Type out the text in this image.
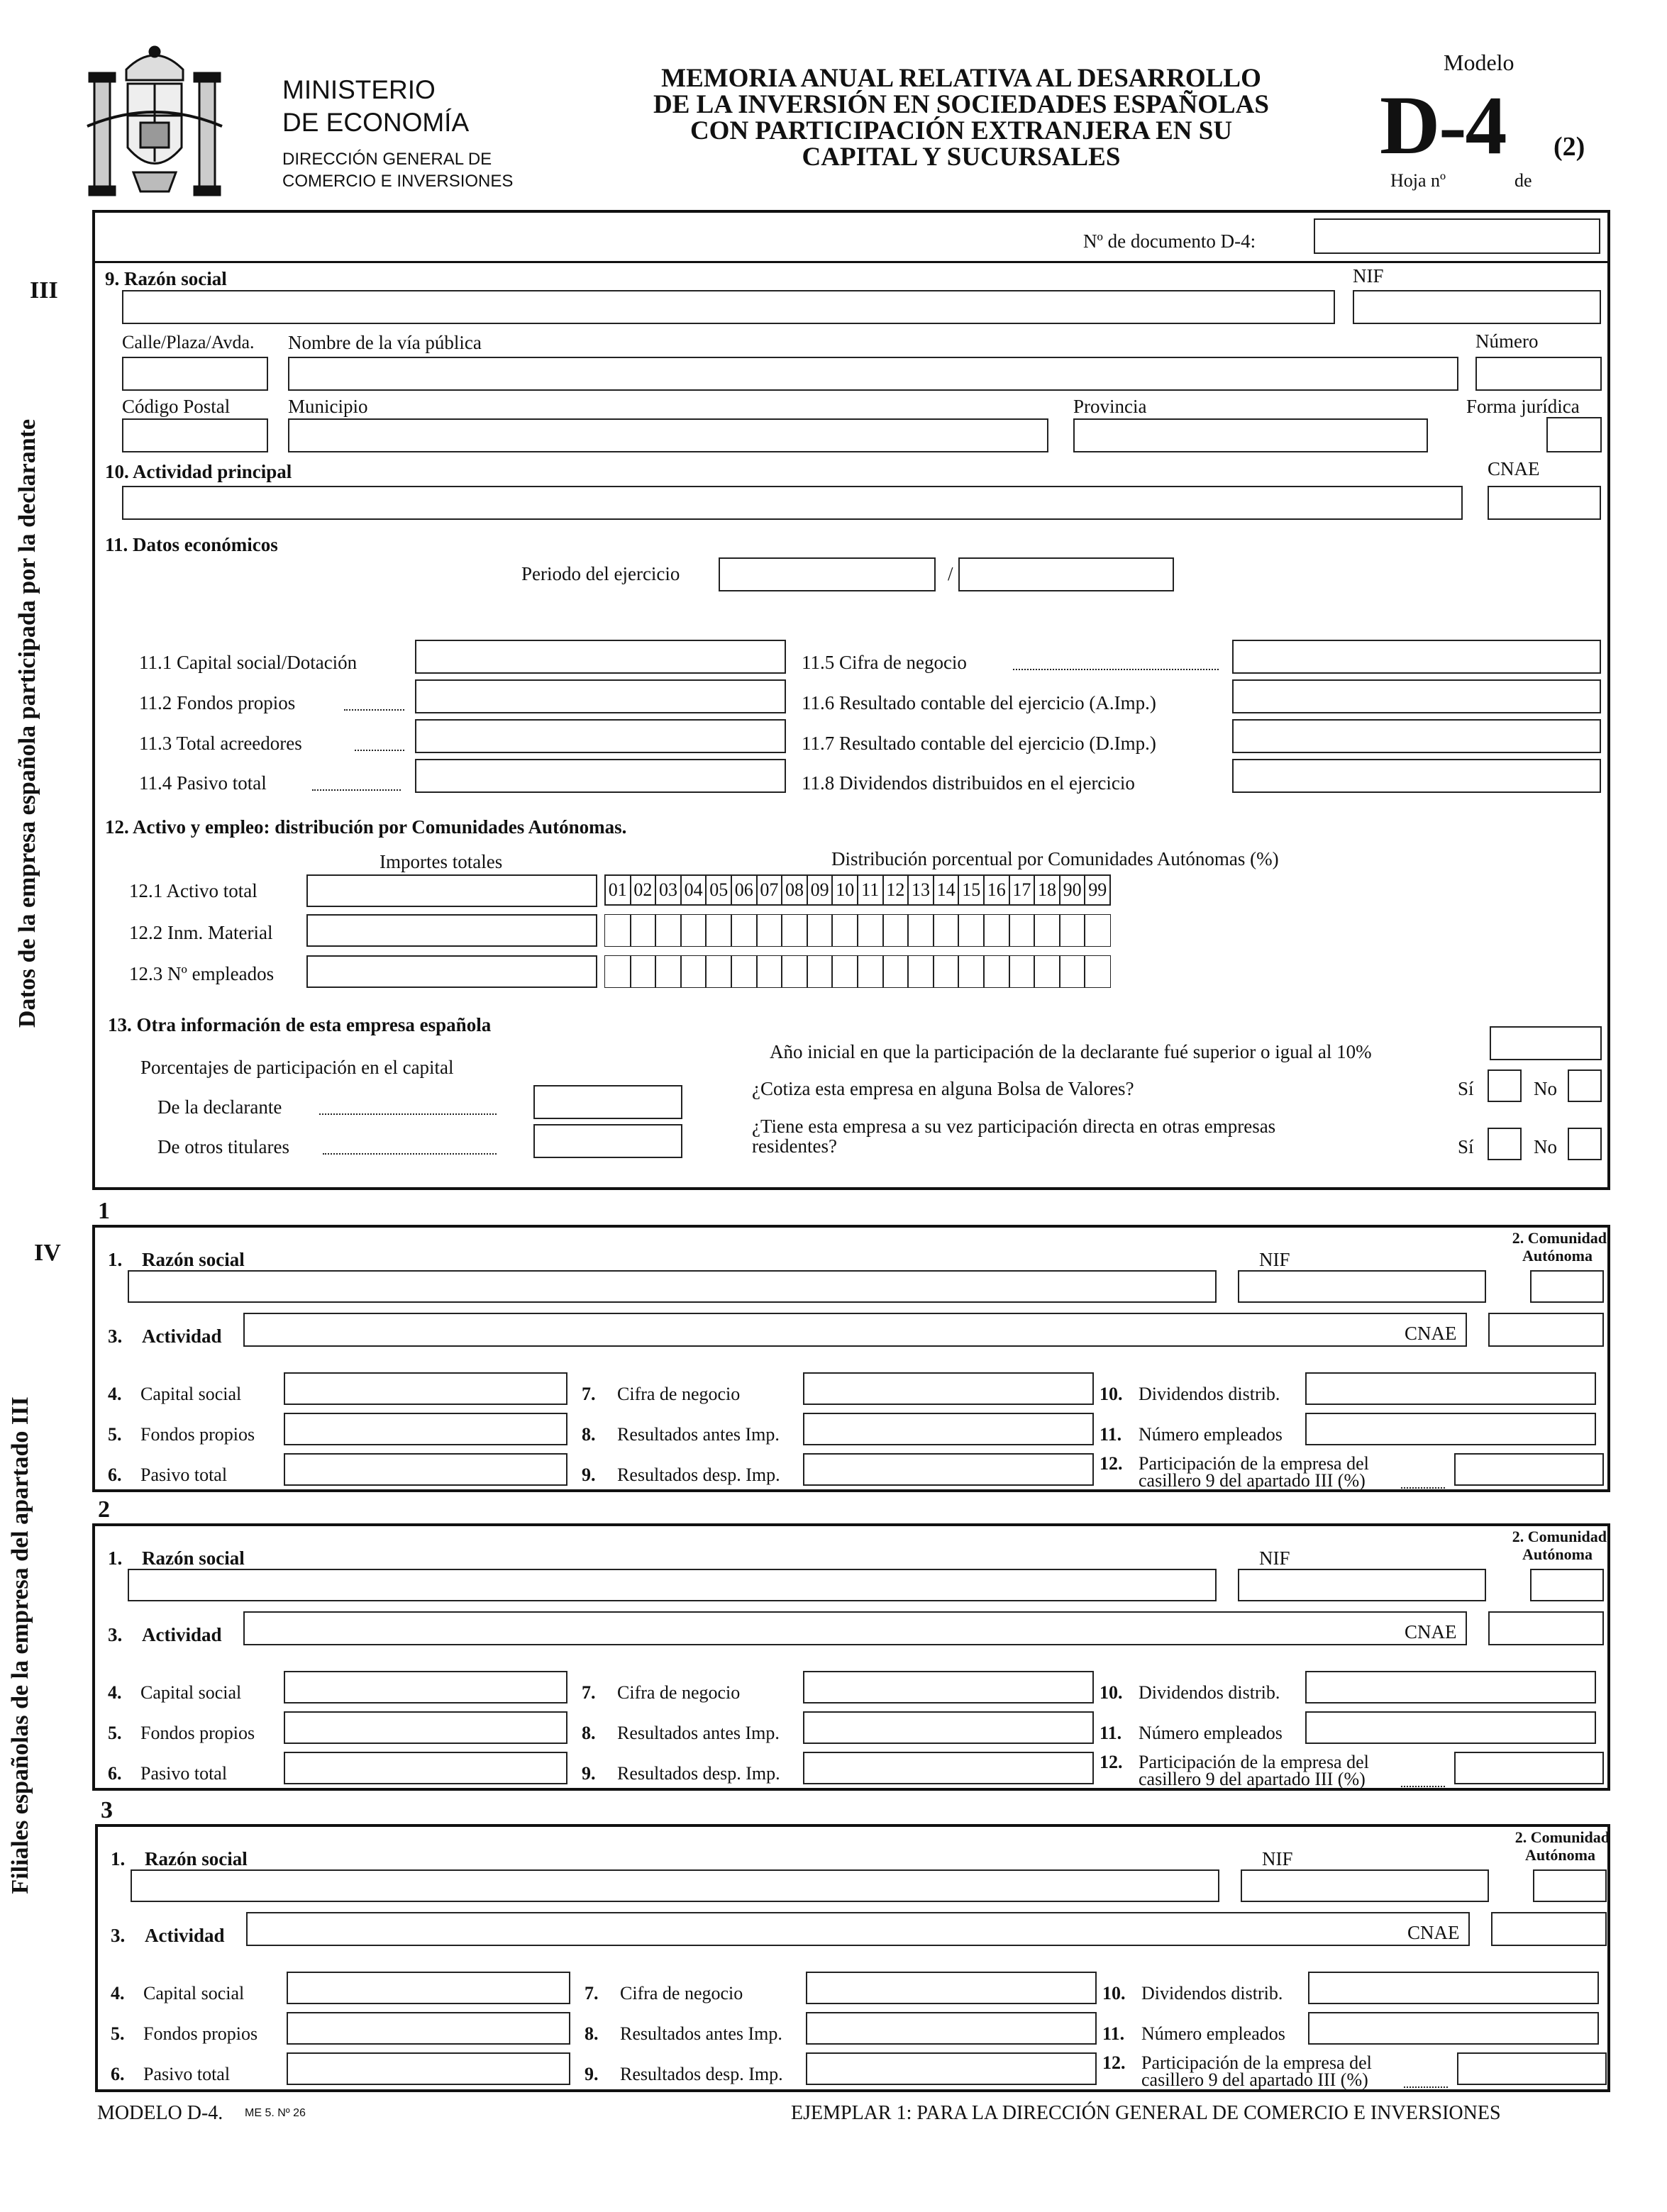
MINISTERIO
DE ECONOMÍA
DIRECCIÓN GENERAL DE
COMERCIO E INVERSIONES
MEMORIA ANUAL RELATIVA AL DESARROLLO
DE LA INVERSIÓN EN SOCIEDADES ESPAÑOLAS
CON PARTICIPACIÓN EXTRANJERA EN SU
CAPITAL Y SUCURSALES
Modelo
D-4 (2)
Hoja nº	de
III
Datos de la empresa española participada por la declarante
Nº de documento D-4:
9. Razón social	NIF
Calle/Plaza/Avda. Nombre de la vía pública	Número
Código Postal	Municipio	Provincia	Forma jurídica
10. Actividad principal	CNAE
11. Datos económicos
Periodo del ejercicio	/
11.1 Capital social/Dotación
11.2 Fondos propios
11.3 Total acreedores
11.4 Pasivo total
11.5 Cifra de negocio
11.6 Resultado contable del ejercicio (A.Imp.)
11.7 Resultado contable del ejercicio (D.Imp.)
11.8 Dividendos distribuidos en el ejercicio
12. Activo y empleo: distribución por Comunidades Autónomas.
Importes totales	Distribución porcentual por Comunidades Autónomas (%)
12.1 Activo total
12.2 Inm. Material
12.3 Nº empleados
01 02 03 04 05 06 07 08 09 10 11 12 13 14 15 16 17 18 90 99
13. Otra información de esta empresa española
Año inicial en que la participación de la declarante fué superior o igual al 10%
Porcentajes de participación en el capital
¿Cotiza esta empresa en alguna Bolsa de Valores?	Sí	No
De la declarante
¿Tiene esta empresa a su vez participación directa en otras empresas
residentes?
De otros titulares	Sí	No
IV
Filiales españolas de la empresa del apartado III
1
1. Razón social	NIF
2. Comunidad
Autónoma
3. Actividad	CNAE
4. Capital social
5. Fondos propios
6. Pasivo total
7. Cifra de negocio
8. Resultados antes Imp.
9. Resultados desp. Imp.
10. Dividendos distrib.
11. Número empleados
12. Participación de la empresa del
casillero 9 del apartado III (%)
2
1. Razón social	NIF
2. Comunidad
Autónoma
3. Actividad	CNAE
4. Capital social
5. Fondos propios
6. Pasivo total
7. Cifra de negocio
8. Resultados antes Imp.
9. Resultados desp. Imp.
10. Dividendos distrib.
11. Número empleados
12. Participación de la empresa del
casillero 9 del apartado III (%)
3
1. Razón social	NIF
2. Comunidad
Autónoma
3. Actividad	CNAE
4. Capital social
5. Fondos propios
6. Pasivo total
7. Cifra de negocio
8. Resultados antes Imp.
9. Resultados desp. Imp.
10. Dividendos distrib.
11. Número empleados
12. Participación de la empresa del
casillero 9 del apartado III (%)
MODELO D-4. ME 5. Nº 26	EJEMPLAR 1: PARA LA DIRECCIÓN GENERAL DE COMERCIO E INVERSIONES
